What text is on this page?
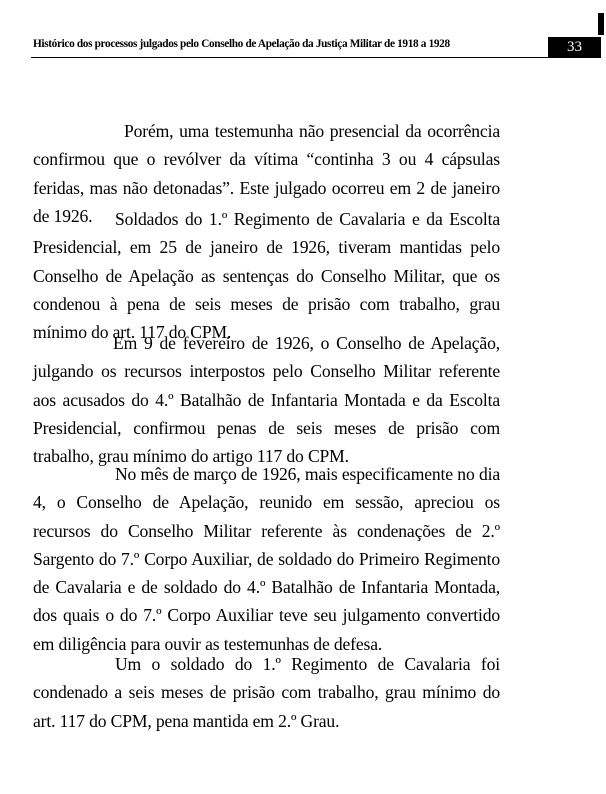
Histórico dos processos julgados pelo Conselho de Apelação da Justiça Militar de 1918 a 1928	33

Porém, uma testemunha não presencial da ocorrência confirmou que o revólver da vítima “continha 3 ou 4 cápsulas feridas, mas não detonadas”. Este julgado ocorreu em 2 de janeiro de 1926.	Soldados do 1.º Regimento de Cavalaria e da Escolta Presidencial, em 25 de janeiro de 1926, tiveram mantidas pelo Conselho de Apelação as sentenças do Conselho Militar, que os condenou à pena de seis meses de prisão com trabalho, grau mínimo do art. 117 do CPM.

Em 9 de fevereiro de 1926, o Conselho de Apelação, julgando os recursos interpostos pelo Conselho Militar referente aos acusados do 4.º Batalhão de Infantaria Montada e da Escolta Presidencial, confirmou penas de seis meses de prisão com trabalho, grau mínimo do artigo 117 do CPM.

No mês de março de 1926, mais especificamente no dia 4, o Conselho de Apelação, reunido em sessão, apreciou os recursos do Conselho Militar referente às condenações de 2.º Sargento do 7.º Corpo Auxiliar, de soldado do Primeiro Regimento de Cavalaria e de soldado do 4.º Batalhão de Infantaria Montada, dos quais o do 7.º Corpo Auxiliar teve seu julgamento convertido em diligência para ouvir as testemunhas de defesa.

Um o soldado do 1.º Regimento de Cavalaria foi condenado a seis meses de prisão com trabalho, grau mínimo do art. 117 do CPM, pena mantida em 2.º Grau.
